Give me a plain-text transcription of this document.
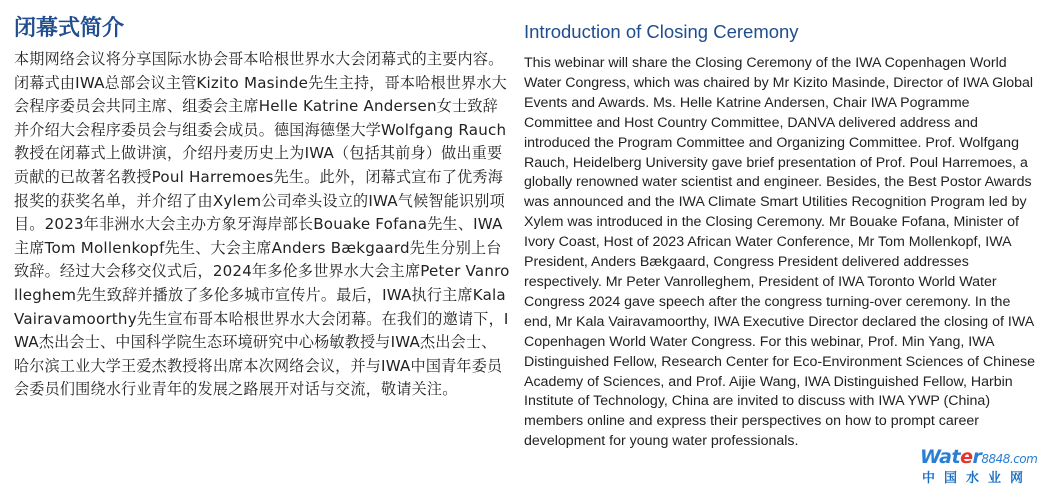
闭幕式简介

本期网络会议将分享国际水协会哥本哈根世界水大会闭幕式的主要内容。闭幕式由IWA总部会议主管Kizito Masinde先生主持，哥本哈根世界水大会程序委员会共同主席、组委会主席Helle Katrine Andersen女士致辞并介绍大会程序委员会与组委会成员。德国海德堡大学Wolfgang Rauch教授在闭幕式上做讲演，介绍丹麦历史上为IWA（包括其前身）做出重要贡献的已故著名教授Poul Harremoes先生。此外，闭幕式宣布了优秀海报奖的获奖名单，并介绍了由Xylem公司牵头设立的IWA气候智能识别项目。2023年非洲水大会主办方象牙海岸部长Bouake Fofana先生、IWA主席Tom Mollenkopf先生、大会主席Anders Bækgaard先生分别上台致辞。经过大会移交仪式后，2024年多伦多世界水大会主席Peter Vanrolleghem先生致辞并播放了多伦多城市宣传片。最后，IWA执行主席Kala Vairavamoorthy先生宣布哥本哈根世界水大会闭幕。在我们的邀请下，IWA杰出会士、中国科学院生态环境研究中心杨敏教授与IWA杰出会士、哈尔滨工业大学王爱杰教授将出席本次网络会议，并与IWA中国青年委员会委员们围绕水行业青年的发展之路展开对话与交流，敬请关注。

Introduction of Closing Ceremony

This webinar will share the Closing Ceremony of the IWA Copenhagen World Water Congress, which was chaired by Mr Kizito Masinde, Director of IWA Global Events and Awards. Ms. Helle Katrine Andersen, Chair IWA Pogramme Committee and Host Country Committee, DANVA delivered address and introduced the Program Committee and Organizing Committee. Prof. Wolfgang Rauch, Heidelberg University gave brief presentation of Prof. Poul Harremoes, a globally renowned water scientist and engineer. Besides, the Best Postor Awards was announced and the IWA Climate Smart Utilities Recognition Program led by Xylem was introduced in the Closing Ceremony. Mr Bouake Fofana, Minister of Ivory Coast, Host of 2023 African Water Conference, Mr Tom Mollenkopf, IWA President, Anders Bækgaard, Congress President delivered addresses respectively. Mr Peter Vanrolleghem, President of IWA Toronto World Water Congress 2024 gave speech after the congress turning-over ceremony. In the end, Mr Kala Vairavamoorthy, IWA Executive Director declared the closing of IWA Copenhagen World Water Congress. For this webinar, Prof. Min Yang, IWA Distinguished Fellow, Research Center for Eco-Environment Sciences of Chinese Academy of Sciences, and Prof. Aijie Wang, IWA Distinguished Fellow, Harbin Institute of Technology, China are invited to discuss with IWA YWP (China) members online and express their perspectives on how to prompt career development for young water professionals.

Water8848.com
中国水业网
